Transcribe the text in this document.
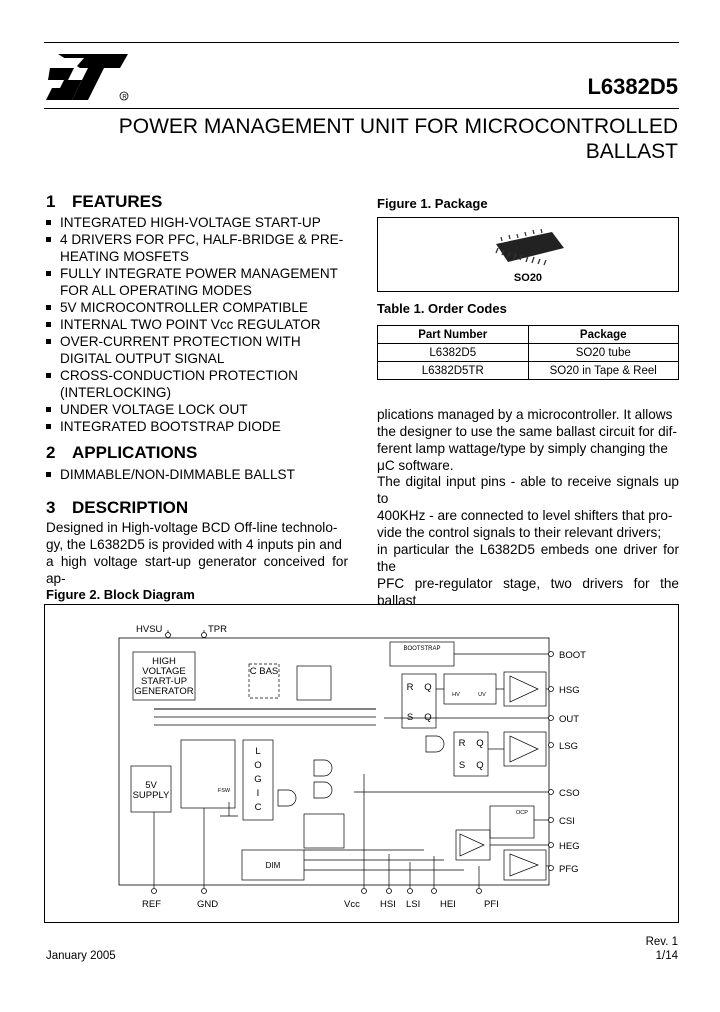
R	L6382D5
POWER MANAGEMENT UNIT FOR MICROCONTROLLED
BALLAST
1 FEATURES
INTEGRATED HIGH-VOLTAGE START-UP
4 DRIVERS FOR PFC, HALF-BRIDGE & PRE-
HEATING MOSFETS
FULLY INTEGRATE POWER MANAGEMENT
FOR ALL OPERATING MODES
5V MICROCONTROLLER COMPATIBLE
INTERNAL TWO POINT Vcc REGULATOR
OVER-CURRENT PROTECTION WITH
DIGITAL OUTPUT SIGNAL
CROSS-CONDUCTION PROTECTION
(INTERLOCKING)
UNDER VOLTAGE LOCK OUT
INTEGRATED BOOTSTRAP DIODE
2 APPLICATIONS
DIMMABLE/NON-DIMMABLE BALLST
3 DESCRIPTION
Designed in High-voltage BCD Off-line technolo-
gy, the L6382D5 is provided with 4 inputs pin and
a high voltage start-up generator conceived for ap-
plications managed by a microcontroller. It allows
the designer to use the same ballast circuit for dif-
ferent lamp wattage/type by simply changing the
μC software.
The digital input pins - able to receive signals up to
400KHz - are connected to level shifters that pro-
vide the control signals to their relevant drivers;
in particular the L6382D5 embeds one driver for the
PFC pre-regulator stage, two drivers for the ballast
Figure 1. Package
SO20
Table 1. Order Codes
Part Number	Package
L6382D5	SO20 tube
L6382D5TR	SO20 in Tape & Reel
Figure 2. Block Diagram
HVSU	TPR
BOOT
HSG
OUT
LSG
CSO
CSI
HEG
PFG
REF	GND	Vcc HSI LSI HEI	PFI
HIGH
VOLTAGE
START-UP
GENERATOR
BOOTSTRAP
C BAS
5V
SUPPLY
DIM
L
O
G
I
C
R Q
S Q
R Q
S Q
HV	UV
OCP
FSW
January 2005
Rev. 1
1/14
